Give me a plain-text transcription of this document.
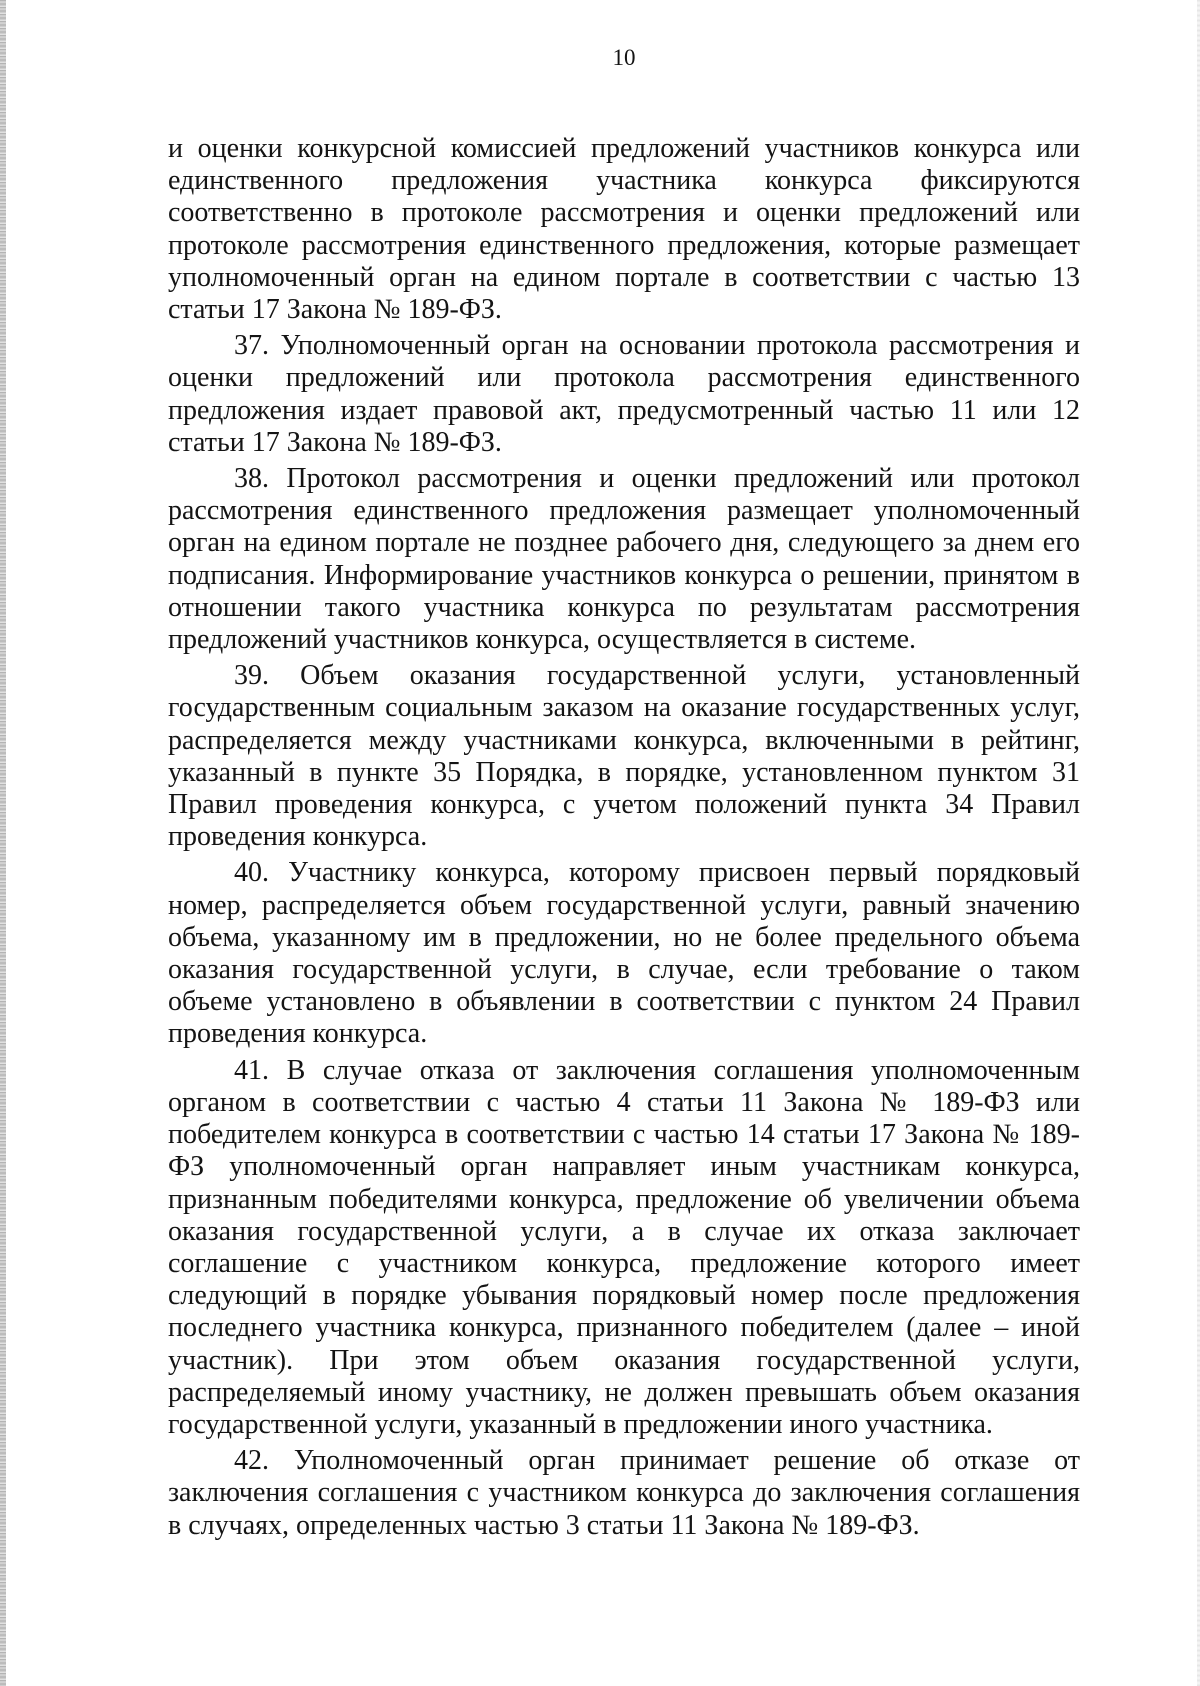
10

и оценки конкурсной комиссией предложений участников конкурса или единственного предложения участника конкурса фиксируются соответственно в протоколе рассмотрения и оценки предложений или протоколе рассмотрения единственного предложения, которые размещает уполномоченный орган на едином портале в соответствии с частью 13 статьи 17 Закона № 189-ФЗ.

37. Уполномоченный орган на основании протокола рассмотрения и оценки предложений или протокола рассмотрения единственного предложения издает правовой акт, предусмотренный частью 11 или 12 статьи 17 Закона № 189-ФЗ.

38. Протокол рассмотрения и оценки предложений или протокол рассмотрения единственного предложения размещает уполномоченный орган на едином портале не позднее рабочего дня, следующего за днем его подписания. Информирование участников конкурса о решении, принятом в отношении такого участника конкурса по результатам рассмотрения предложений участников конкурса, осуществляется в системе.

39. Объем оказания государственной услуги, установленный государственным социальным заказом на оказание государственных услуг, распределяется между участниками конкурса, включенными в рейтинг, указанный в пункте 35 Порядка, в порядке, установленном пунктом 31 Правил проведения конкурса, с учетом положений пункта 34 Правил проведения конкурса.

40. Участнику конкурса, которому присвоен первый порядковый номер, распределяется объем государственной услуги, равный значению объема, указанному им в предложении, но не более предельного объема оказания государственной услуги, в случае, если требование о таком объеме установлено в объявлении в соответствии с пунктом 24 Правил проведения конкурса.

41. В случае отказа от заключения соглашения уполномоченным органом в соответствии с частью 4 статьи 11 Закона № 189-ФЗ или победителем конкурса в соответствии с частью 14 статьи 17 Закона № 189-ФЗ уполномоченный орган направляет иным участникам конкурса, признанным победителями конкурса, предложение об увеличении объема оказания государственной услуги, а в случае их отказа заключает соглашение с участником конкурса, предложение которого имеет следующий в порядке убывания порядковый номер после предложения последнего участника конкурса, признанного победителем (далее – иной участник). При этом объем оказания государственной услуги, распределяемый иному участнику, не должен превышать объем оказания государственной услуги, указанный в предложении иного участника.

42. Уполномоченный орган принимает решение об отказе от заключения соглашения с участником конкурса до заключения соглашения в случаях, определенных частью 3 статьи 11 Закона № 189-ФЗ.
